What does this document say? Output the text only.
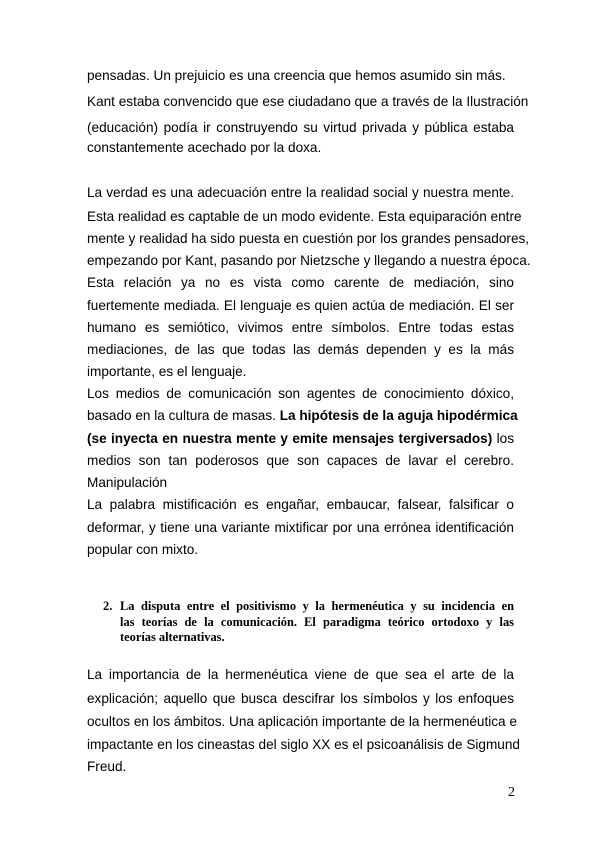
pensadas. Un prejuicio es una creencia que hemos asumido sin más.
Kant estaba convencido que ese ciudadano que a través de la Ilustración
(educación) podía ir construyendo su virtud privada y pública estaba
constantemente acechado por la doxa.
La verdad es una adecuación entre la realidad social y nuestra mente.
Esta realidad es captable de un modo evidente. Esta equiparación entre
mente y realidad ha sido puesta en cuestión por los grandes pensadores,
empezando por Kant, pasando por Nietzsche y llegando a nuestra época.
Esta relación ya no es vista como carente de mediación, sino
fuertemente mediada. El lenguaje es quien actúa de mediación. El ser
humano es semiótico, vivimos entre símbolos. Entre todas estas
mediaciones, de las que todas las demás dependen y es la más
importante, es el lenguaje.
Los medios de comunicación son agentes de conocimiento dóxico,
basado en la cultura de masas. La hipótesis de la aguja hipodérmica
(se inyecta en nuestra mente y emite mensajes tergiversados) los
medios son tan poderosos que son capaces de lavar el cerebro.
Manipulación
La palabra mistificación es engañar, embaucar, falsear, falsificar o
deformar, y tiene una variante mixtificar por una errónea identificación
popular con mixto.
2. La disputa entre el positivismo y la hermenéutica y su incidencia en
las teorías de la comunicación. El paradigma teórico ortodoxo y las
teorías alternativas.
La importancia de la hermenéutica viene de que sea el arte de la
explicación; aquello que busca descifrar los símbolos y los enfoques
ocultos en los ámbitos. Una aplicación importante de la hermenéutica e
impactante en los cineastas del siglo XX es el psicoanálisis de Sigmund
Freud.
2
